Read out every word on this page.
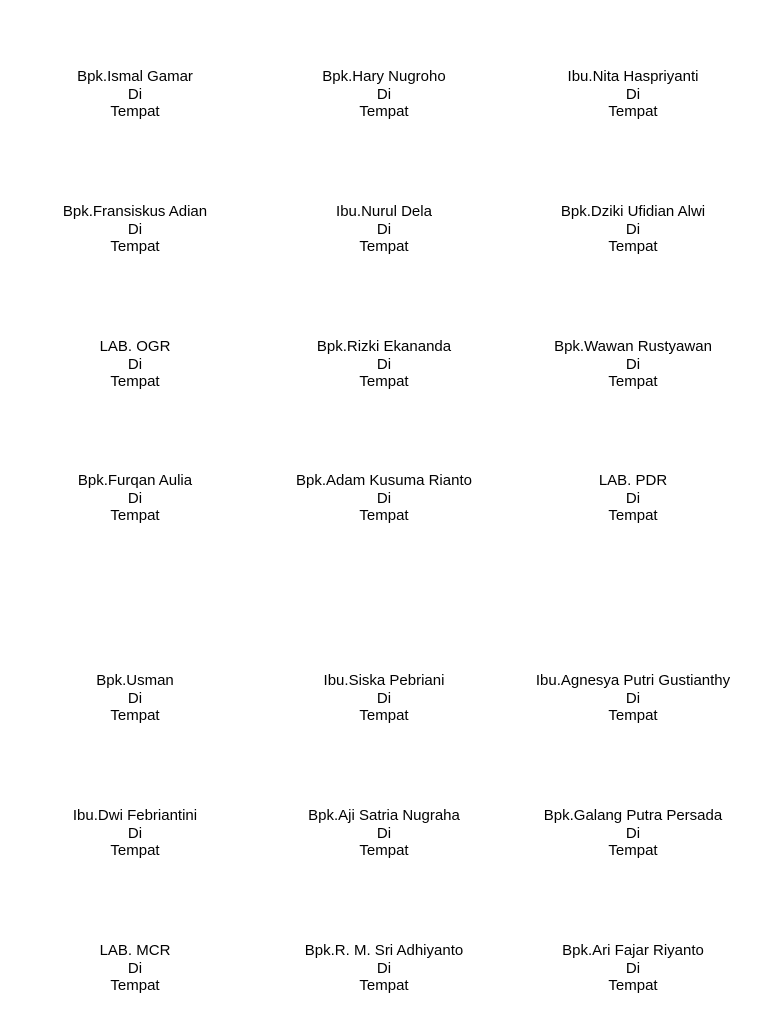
Bpk.Ismal Gamar
Di
Tempat
Bpk.Hary Nugroho
Di
Tempat
Ibu.Nita Haspriyanti
Di
Tempat
Bpk.Fransiskus Adian
Di
Tempat
Ibu.Nurul Dela
Di
Tempat
Bpk.Dziki Ufidian Alwi
Di
Tempat
LAB. OGR
Di
Tempat
Bpk.Rizki Ekananda
Di
Tempat
Bpk.Wawan Rustyawan
Di
Tempat
Bpk.Furqan Aulia
Di
Tempat
Bpk.Adam Kusuma Rianto
Di
Tempat
LAB. PDR
Di
Tempat
Bpk.Usman
Di
Tempat
Ibu.Siska Pebriani
Di
Tempat
Ibu.Agnesya Putri Gustianthy
Di
Tempat
Ibu.Dwi Febriantini
Di
Tempat
Bpk.Aji Satria Nugraha
Di
Tempat
Bpk.Galang Putra Persada
Di
Tempat
LAB. MCR
Di
Tempat
Bpk.R. M. Sri Adhiyanto
Di
Tempat
Bpk.Ari Fajar Riyanto
Di
Tempat
